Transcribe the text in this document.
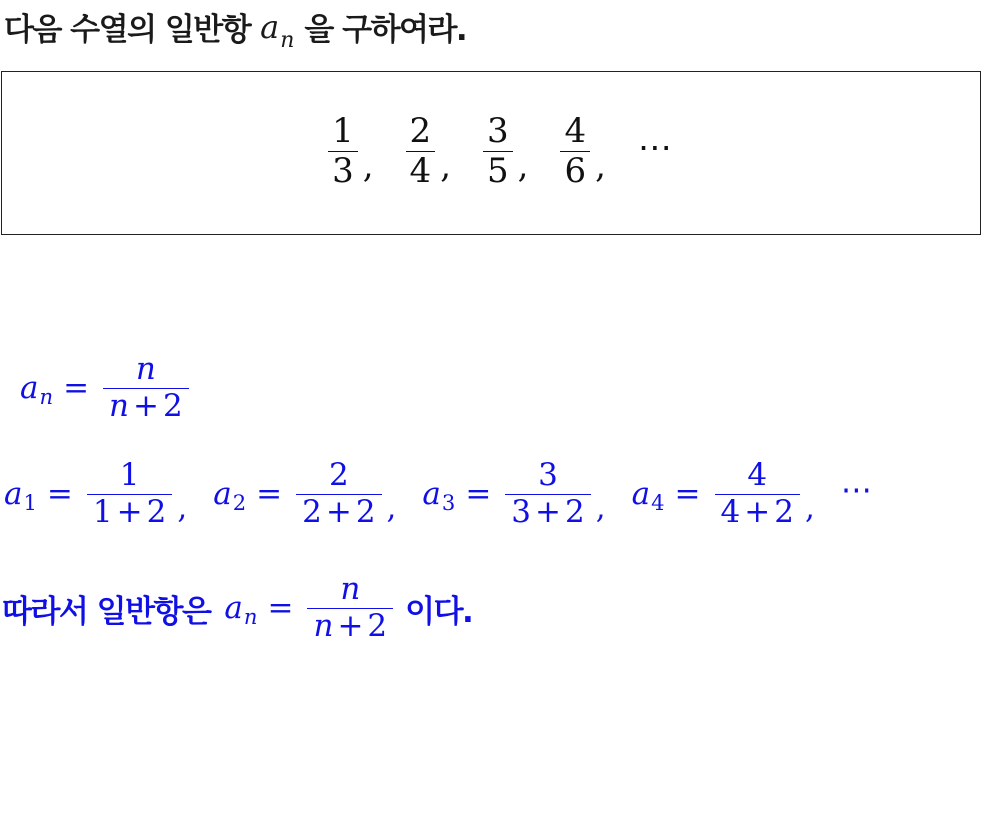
다음 수열의 일반항 $a_n$ 을 구하여라.
$\frac{1}{3}$ , $\frac{2}{4}$ , $\frac{3}{5}$ , $\frac{4}{6}$ , ⋯
a $n = \frac{n}{n + 2}$
a $1 = \frac{1}{1 + 2}$ , a $2 = \frac{2}{2 + 2}$ , a $3 = \frac{3}{3 + 2}$ , a $4 = \frac{4}{4 + 2}$ , ⋯
따라서 일반항은 a $n = \frac{n}{n + 2}$ 이다.
